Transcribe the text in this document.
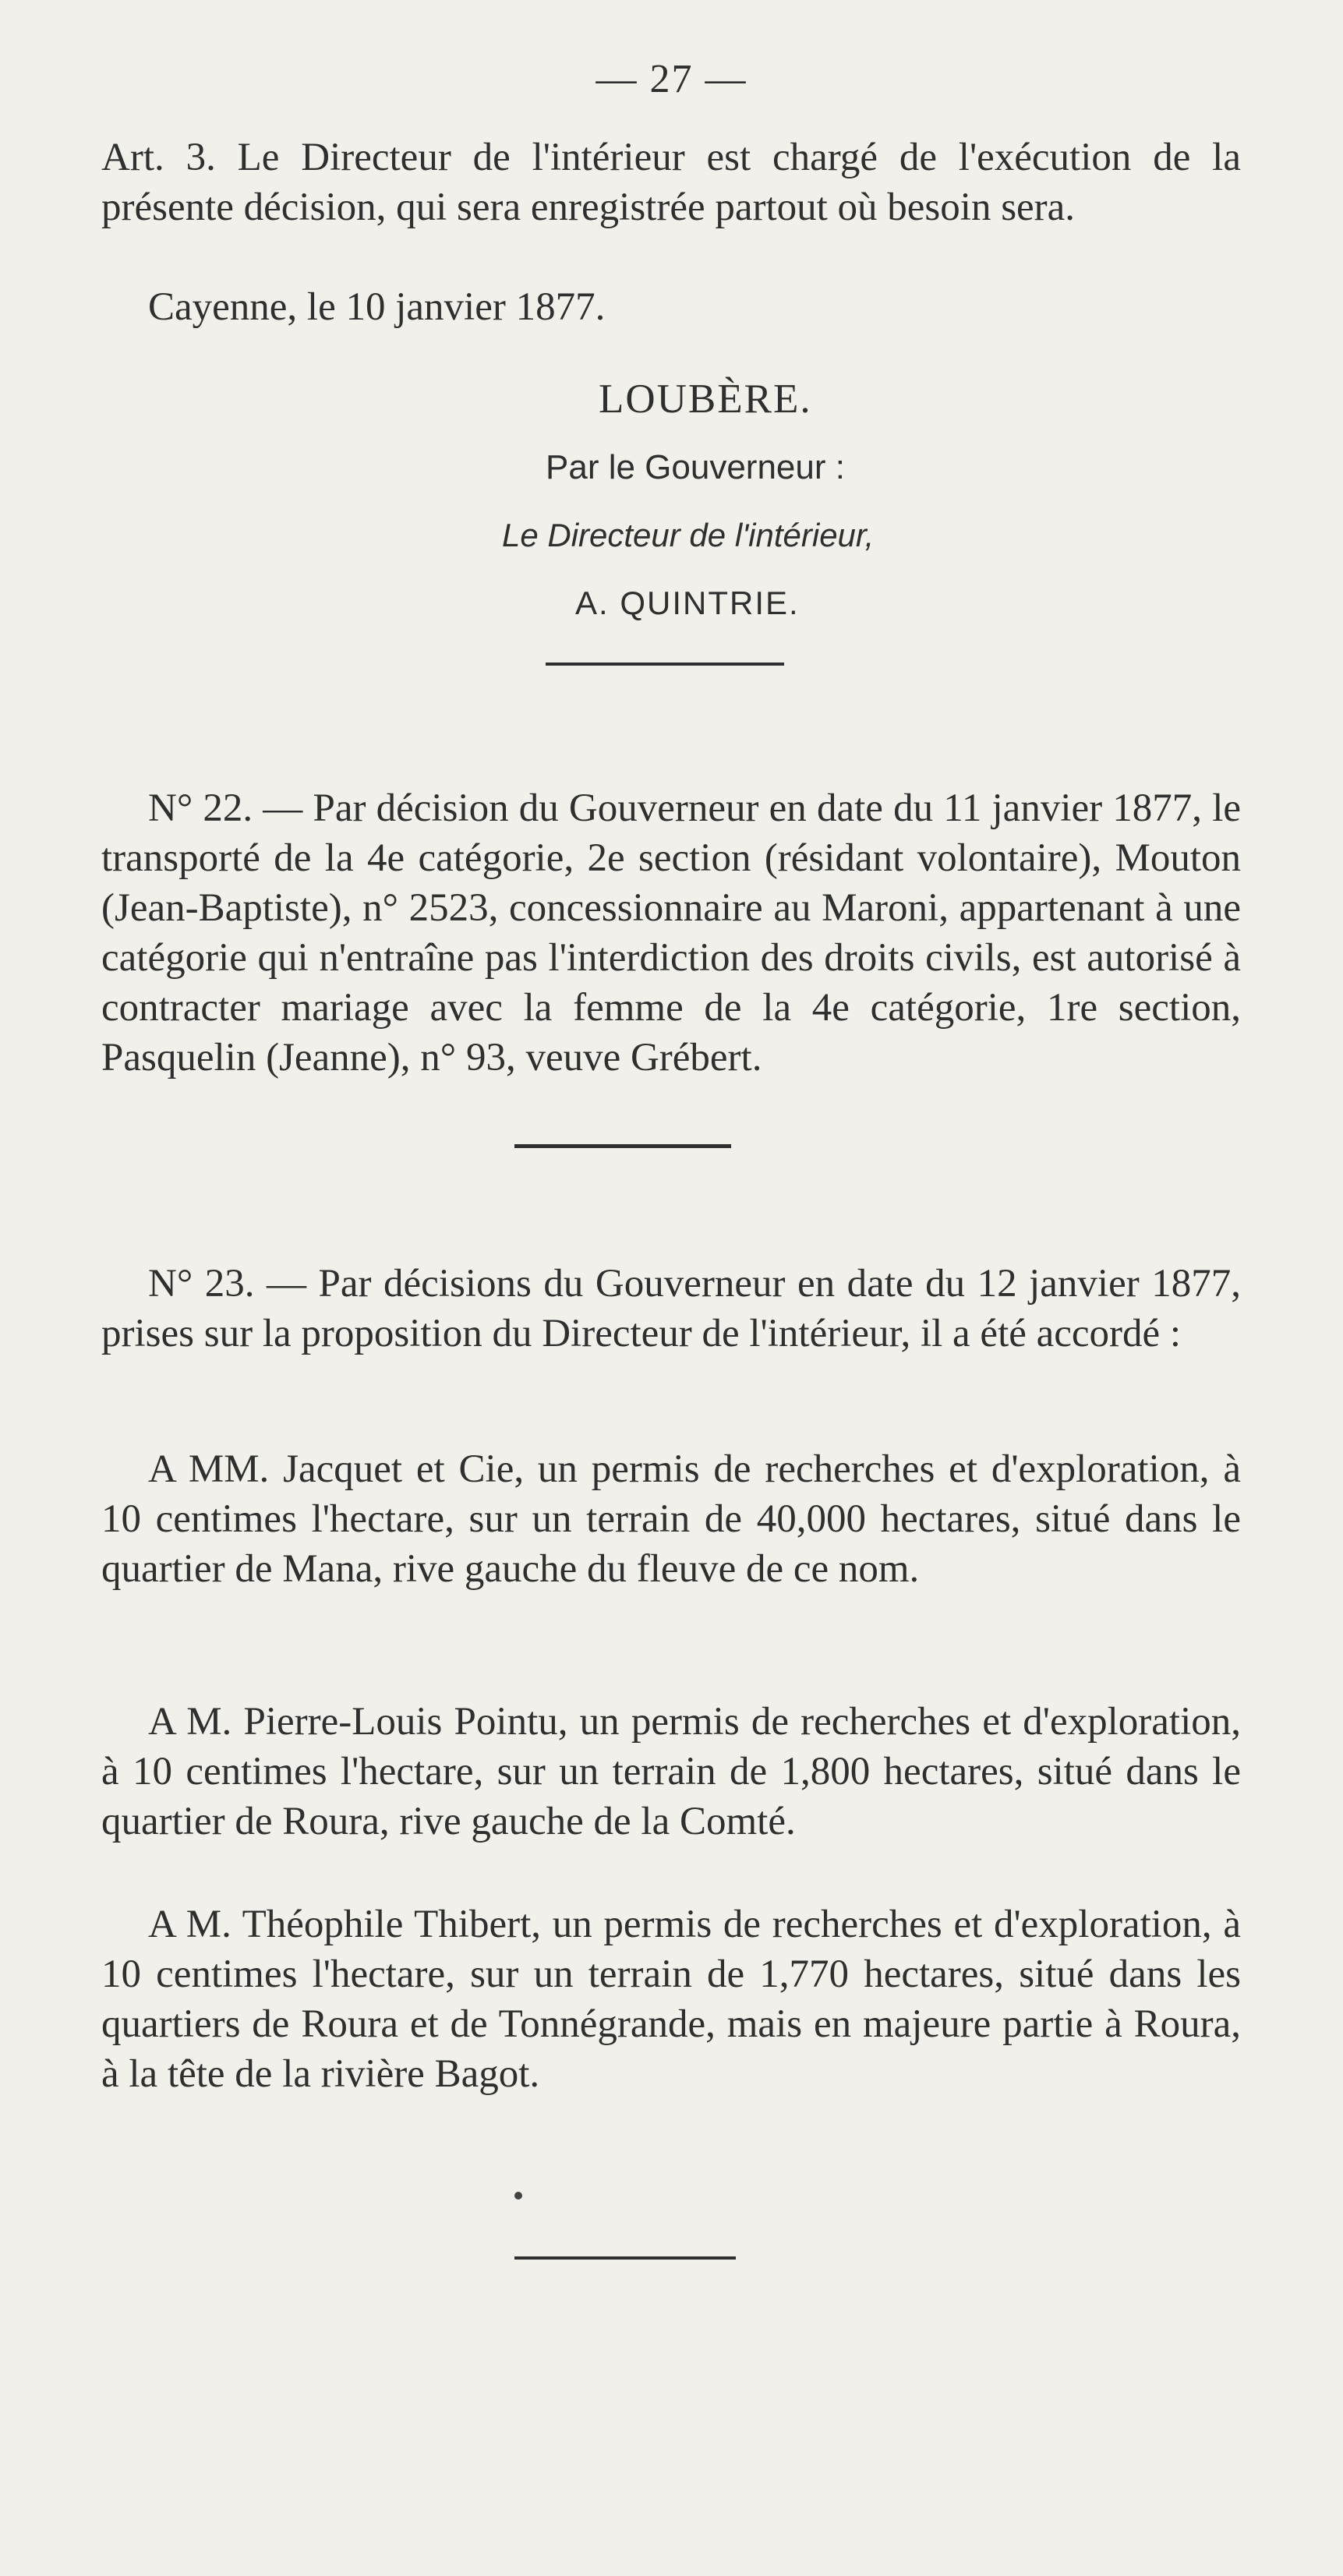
— 27 —

Art. 3. Le Directeur de l'intérieur est chargé de l'exécution de la présente décision, qui sera enregistrée partout où besoin sera.

Cayenne, le 10 janvier 1877.

LOUBÈRE.

Par le Gouverneur :

Le Directeur de l'intérieur,

A. QUINTRIE.

N° 22. — Par décision du Gouverneur en date du 11 janvier 1877, le transporté de la 4e catégorie, 2e section (résidant volontaire), Mouton (Jean-Baptiste), n° 2523, concessionnaire au Maroni, appartenant à une catégorie qui n'entraîne pas l'interdiction des droits civils, est autorisé à contracter mariage avec la femme de la 4e catégorie, 1re section, Pasquelin (Jeanne), n° 93, veuve Grébert.

N° 23. — Par décisions du Gouverneur en date du 12 janvier 1877, prises sur la proposition du Directeur de l'intérieur, il a été accordé :

A MM. Jacquet et Cie, un permis de recherches et d'exploration, à 10 centimes l'hectare, sur un terrain de 40,000 hectares, situé dans le quartier de Mana, rive gauche du fleuve de ce nom.

A M. Pierre-Louis Pointu, un permis de recherches et d'exploration, à 10 centimes l'hectare, sur un terrain de 1,800 hectares, situé dans le quartier de Roura, rive gauche de la Comté.

A M. Théophile Thibert, un permis de recherches et d'exploration, à 10 centimes l'hectare, sur un terrain de 1,770 hectares, situé dans les quartiers de Roura et de Tonnégrande, mais en majeure partie à Roura, à la tête de la rivière Bagot.
